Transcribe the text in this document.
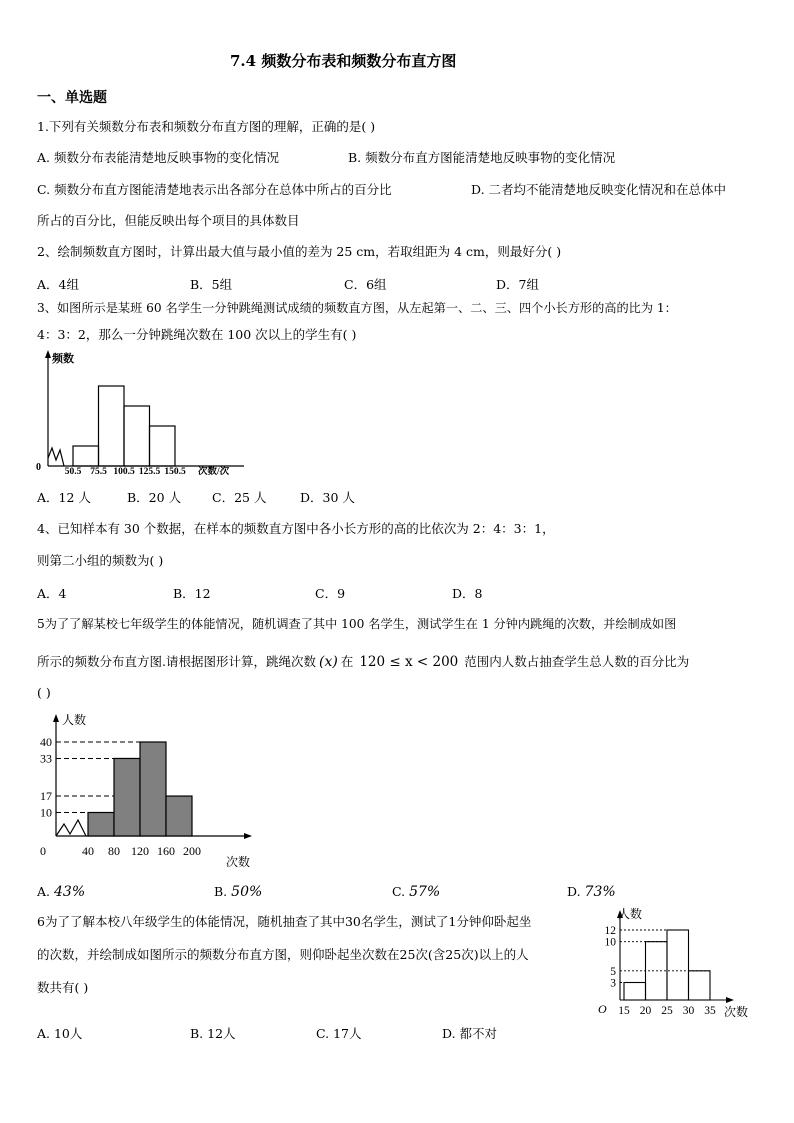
7.4 频数分布表和频数分布直方图
一、单选题
1.下列有关频数分布表和频数分布直方图的理解，正确的是( )
A. 频数分布表能清楚地反映事物的变化情况	B. 频数分布直方图能清楚地反映事物的变化情况
C. 频数分布直方图能清楚地表示出各部分在总体中所占的百分比	D. 二者均不能清楚地反映变化情况和在总体中
所占的百分比，但能反映出每个项目的具体数目
2、绘制频数直方图时，计算出最大值与最小值的差为 25 cm，若取组距为 4 cm，则最好分( )
A．4组	B．5组	C．6组	D．7组
3、如图所示是某班 60 名学生一分钟跳绳测试成绩的频数直方图，从左起第一、二、三、四个小长方形的高的比为 1：
4：3：2，那么一分钟跳绳次数在 100 次以上的学生有( )
频数
0 50.5 75.5 100.5 125.5 150.5 次数/次
A．12 人	B．20 人 C．25 人	D．30 人
4、已知样本有 30 个数据，在样本的频数直方图中各小长方形的高的比依次为 2：4：3：1，
则第二小组的频数为( )
A．4	B．12	C．9	D．8
5为了了解某校七年级学生的体能情况，随机调查了其中 100 名学生，测试学生在 1 分钟内跳绳的次数，并绘制成如图
所示的频数分布直方图.请根据图形计算，跳绳次数 (x) 在 120 ≤ x < 200 范围内人数占抽查学生总人数的百分比为
( )
人数
10
17
33
40
0	40 80 120 160 200
次数
A. 43%	B. 50%	C. 57%	D. 73%
6为了了解本校八年级学生的体能情况，随机抽查了其中30名学生，测试了1分钟仰卧起坐
的次数，并绘制成如图所示的频数分布直方图，则仰卧起坐次数在25次(含25次)以上的人
数共有( )
人数
3
5
10
12
O 15 20 25 30 35 次数
A. 10人	B. 12人	C. 17人	D. 都不对
